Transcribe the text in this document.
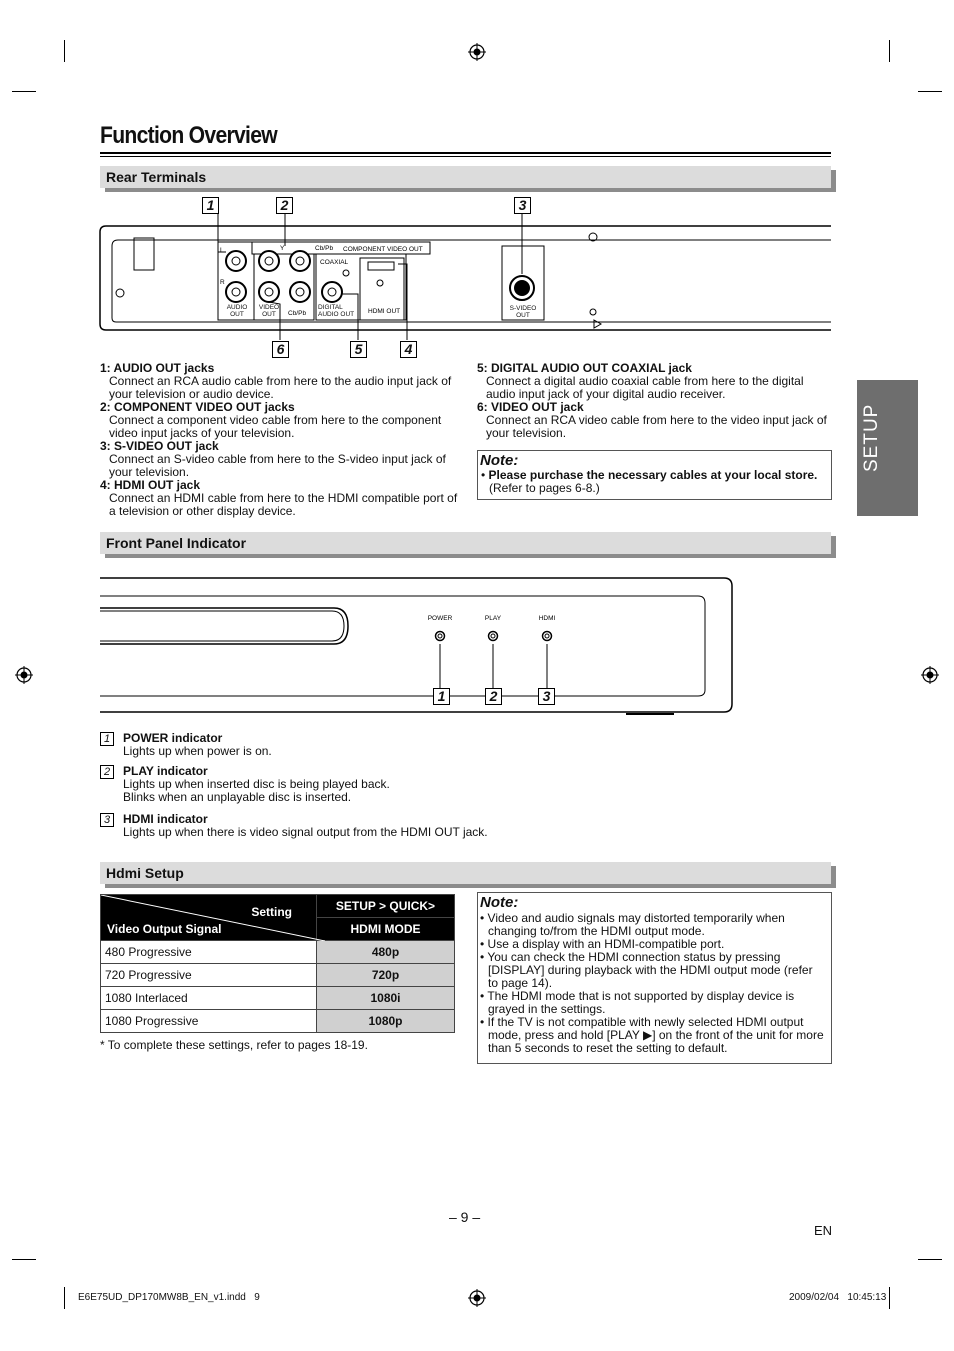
Function Overview
SETUP
Rear Terminals
Cb/Pb COMPONENT VIDEO OUT
Y
L
R
COAXIAL
Cb/Pb	HDMI OUT
AUDIO
OUT
VIDEO
OUT
DIGITAL
AUDIO OUT
S-VIDEO
OUT
1	2	3
4
5
6
1: AUDIO OUT jacks
Connect an RCA audio cable from here to the audio input jack of your television or audio device.
2: COMPONENT VIDEO OUT jacks
Connect a component video cable from here to the component video input jacks of your television.
3: S-VIDEO OUT jack
Connect an S-video cable from here to the S-video input jack of your television.
4: HDMI OUT jack
Connect an HDMI cable from here to the HDMI compatible port of a television or other display device.
5: DIGITAL AUDIO OUT COAXIAL jack
Connect a digital audio coaxial cable from here to the digital audio input jack of your digital audio receiver.
6: VIDEO OUT jack
Connect an RCA video cable from here to the video input jack of your television.
Note:
• Please purchase the necessary cables at your local store.
(Refer to pages 6-8.)
Front Panel Indicator
POWER	PLAY	HDMI
1	2	3
1	POWER indicator
Lights up when power is on.
2	PLAY indicator
Lights up when inserted disc is being played back.
Blinks when an unplayable disc is inserted.
3	HDMI indicator
Lights up when there is video signal output from the HDMI OUT jack.
Hdmi Setup
Setting
Video Output Signal	SETUP > QUICK>
	HDMI MODE
480 Progressive	480p
720 Progressive	720p
1080 Interlaced	1080i
1080 Progressive	1080p
* To complete these settings, refer to pages 18-19.
Note:
• Video and audio signals may distorted temporarily when changing to/from the HDMI output mode.
• Use a display with an HDMI-compatible port.
• You can check the HDMI connection status by pressing [DISPLAY] during playback with the HDMI output mode (refer to page 14).
• The HDMI mode that is not supported by display device is grayed in the settings.
• If the TV is not compatible with newly selected HDMI output mode, press and hold [PLAY ▶] on the front of the unit for more than 5 seconds to reset the setting to default.
– 9 –
EN
E6E75UD_DP170MW8B_EN_v1.indd   9	2009/02/04   10:45:13
